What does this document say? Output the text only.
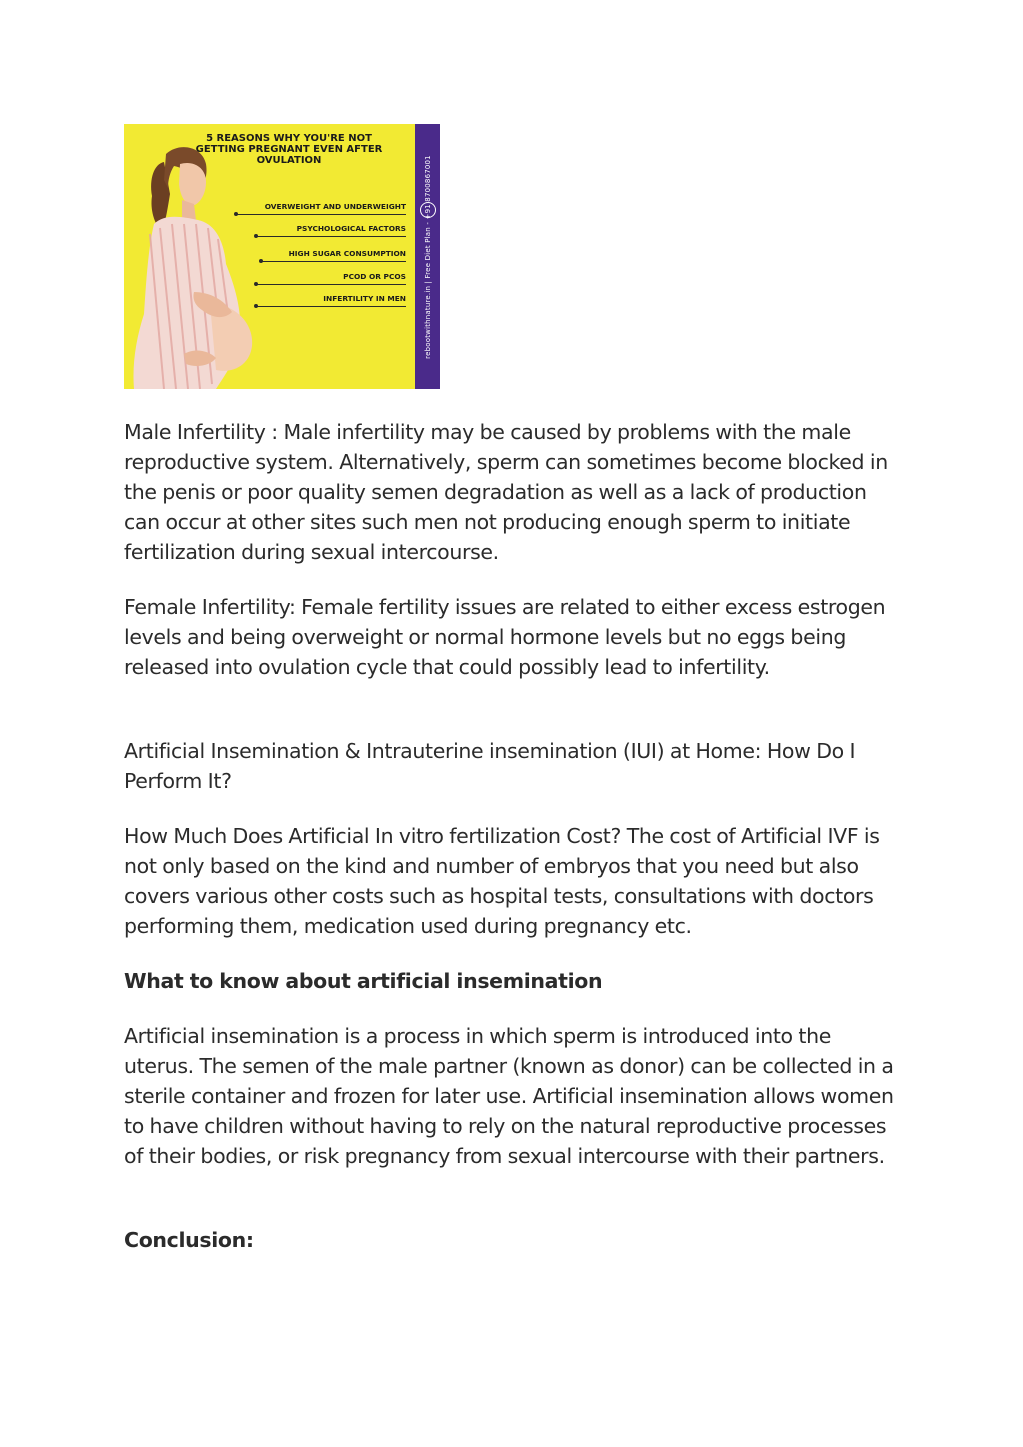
5 REASONS WHY YOU'RE NOT
GETTING PREGNANT EVEN AFTER
OVULATION
OVERWEIGHT AND UNDERWEIGHT
PSYCHOLOGICAL FACTORS
HIGH SUGAR CONSUMPTION
PCOD OR PCOS
INFERTILITY IN MEN	rebootwithnature.in | Free Diet Plan - +91 8700867001

Male Infertility : Male infertility may be caused by problems with the male reproductive system. Alternatively, sperm can sometimes become blocked in the penis or poor quality semen degradation as well as a lack of production can occur at other sites such men not producing enough sperm to initiate fertilization during sexual intercourse.

Female Infertility: Female fertility issues are related to either excess estrogen levels and being overweight or normal hormone levels but no eggs being released into ovulation cycle that could possibly lead to infertility.

Artificial Insemination & Intrauterine insemination (IUI) at Home: How Do I Perform It?

How Much Does Artificial In vitro fertilization Cost? The cost of Artificial IVF is not only based on the kind and number of embryos that you need but also covers various other costs such as hospital tests, consultations with doctors performing them, medication used during pregnancy etc.

What to know about artificial insemination

Artificial insemination is a process in which sperm is introduced into the uterus. The semen of the male partner (known as donor) can be collected in a sterile container and frozen for later use. Artificial insemination allows women to have children without having to rely on the natural reproductive processes of their bodies, or risk pregnancy from sexual intercourse with their partners.

Conclusion:
